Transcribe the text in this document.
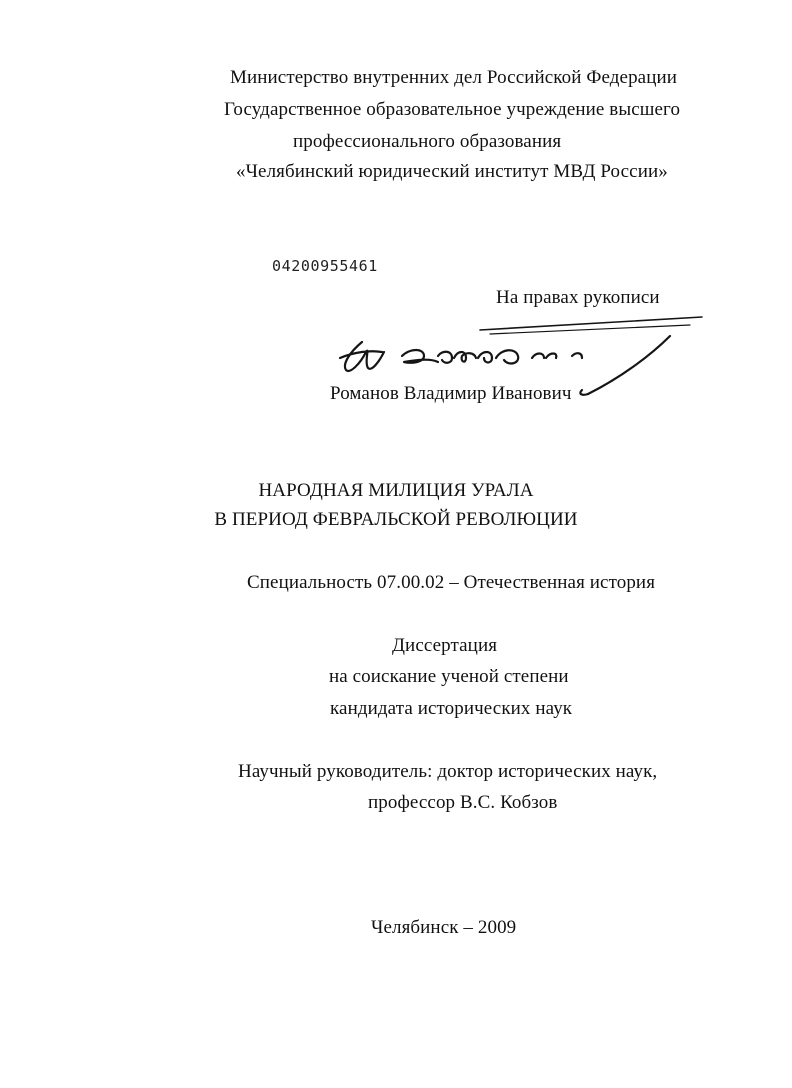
Министерство внутренних дел Российской Федерации
Государственное образовательное учреждение высшего
профессионального образования
«Челябинский юридический институт МВД России»
04200955461
На правах рукописи
Романов Владимир Иванович
НАРОДНАЯ МИЛИЦИЯ УРАЛА
В ПЕРИОД ФЕВРАЛЬСКОЙ РЕВОЛЮЦИИ
Специальность 07.00.02 – Отечественная история
Диссертация
на соискание ученой степени
кандидата исторических наук
Научный руководитель: доктор исторических наук,
профессор В.С. Кобзов
Челябинск – 2009
